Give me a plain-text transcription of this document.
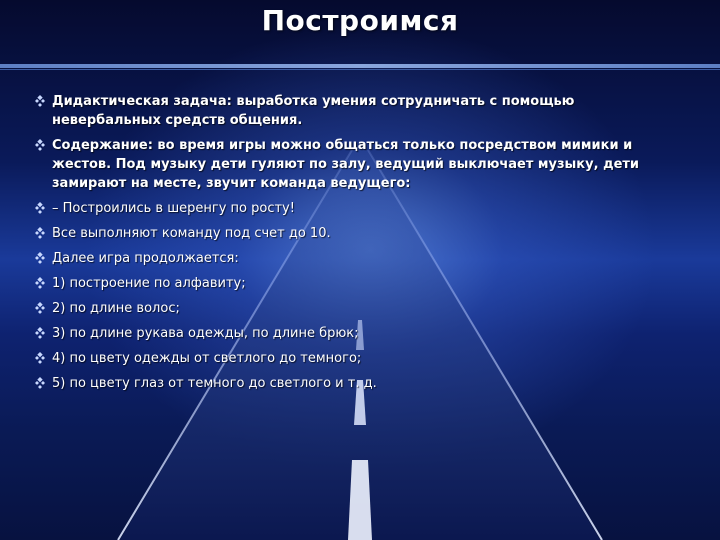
Построимся
Дидактическая задача: выработка умения сотрудничать с помощью невербальных средств общения.
Содержание: во время игры можно общаться только посредством мимики и жестов. Под музыку дети гуляют по залу, ведущий выключает музыку, дети замирают на месте, звучит команда ведущего:
– Построились в шеренгу по росту!
Все выполняют команду под счет до 10.
Далее игра продолжается:
1) построение по алфавиту;
2) по длине волос;
3) по длине рукава одежды, по длине брюк;
4) по цвету одежды от светлого до темного;
5) по цвету глаз от темного до светлого и т. д.
